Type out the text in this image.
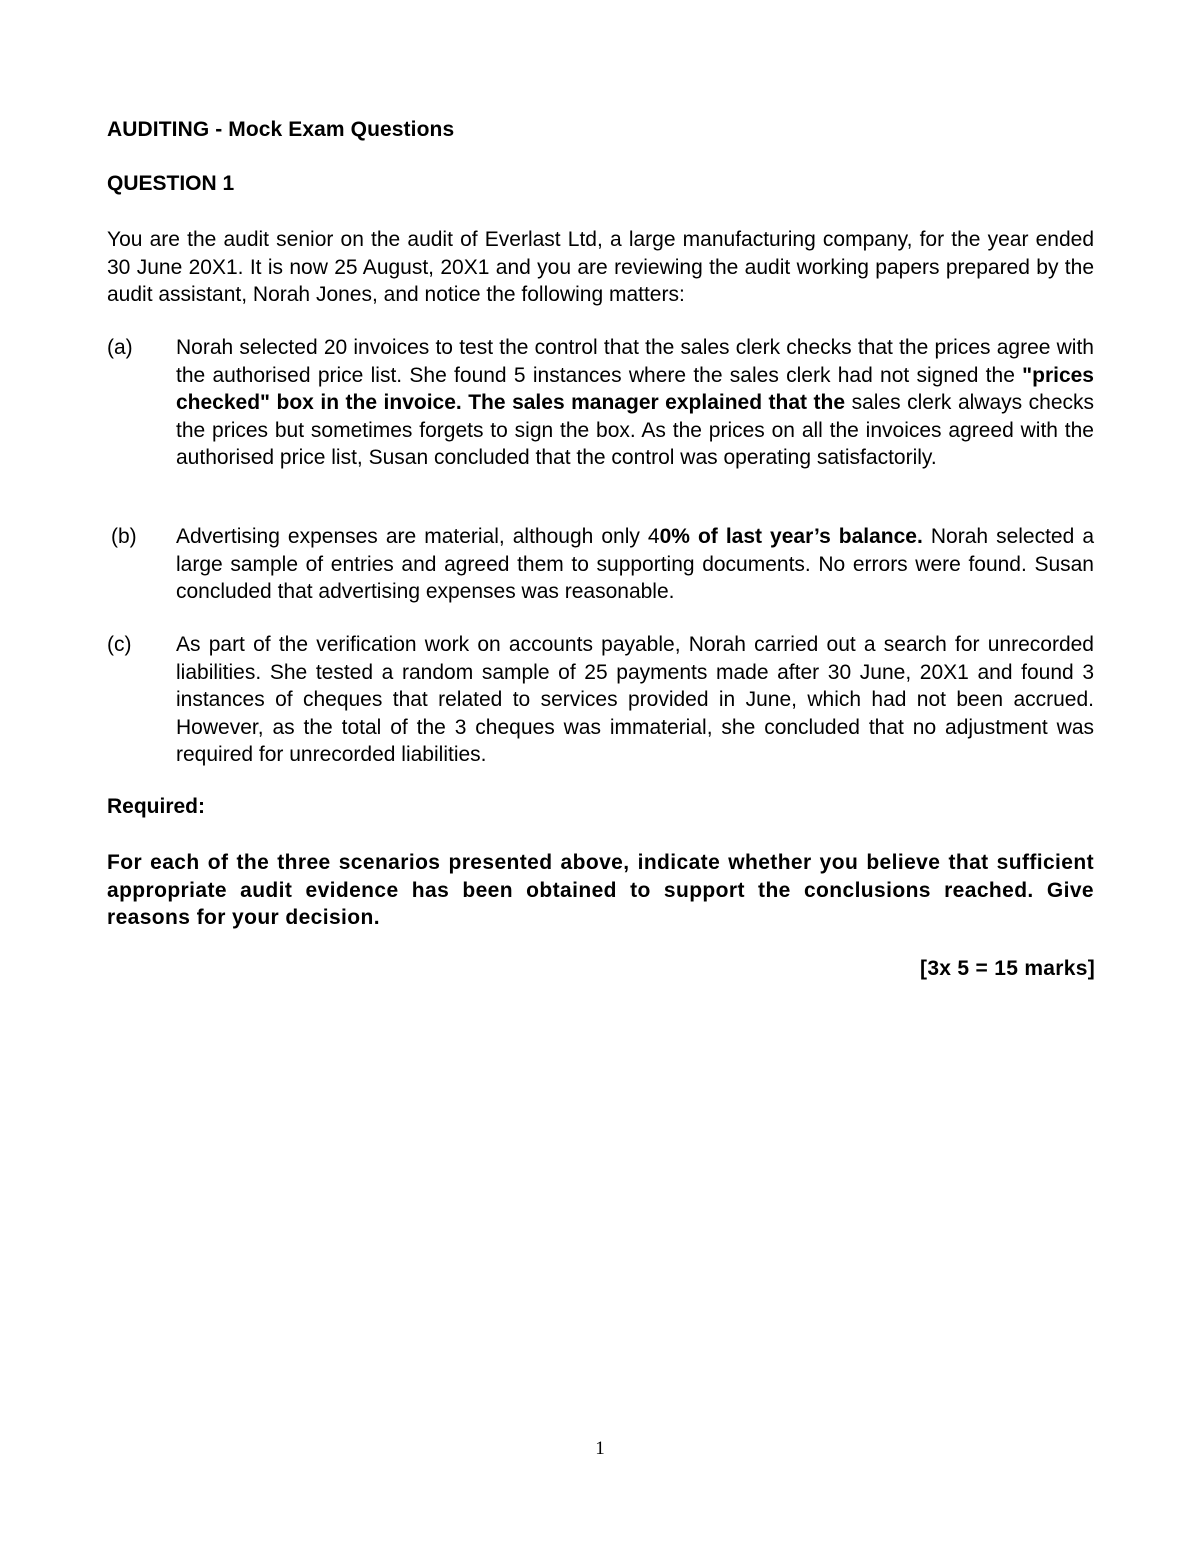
AUDITING - Mock Exam Questions
QUESTION 1

You are the audit senior on the audit of Everlast Ltd, a large manufacturing company, for the year ended 30 June 20X1. It is now 25 August, 20X1 and you are reviewing the audit working papers prepared by the audit assistant, Norah Jones, and notice the following matters:

(a) Norah selected 20 invoices to test the control that the sales clerk checks that the prices agree with the authorised price list. She found 5 instances where the sales clerk had not signed the "prices checked" box in the invoice. The sales manager explained that the sales clerk always checks the prices but sometimes forgets to sign the box. As the prices on all the invoices agreed with the authorised price list, Susan concluded that the control was operating satisfactorily.

(b) Advertising expenses are material, although only 40% of last year’s balance. Norah selected a large sample of entries and agreed them to supporting documents. No errors were found. Susan concluded that advertising expenses was reasonable.

(c) As part of the verification work on accounts payable, Norah carried out a search for unrecorded liabilities. She tested a random sample of 25 payments made after 30 June, 20X1 and found 3 instances of cheques that related to services provided in June, which had not been accrued. However, as the total of the 3 cheques was immaterial, she concluded that no adjustment was required for unrecorded liabilities.

Required:

For each of the three scenarios presented above, indicate whether you believe that sufficient appropriate audit evidence has been obtained to support the conclusions reached. Give reasons for your decision.

[3x 5 = 15 marks]
1
